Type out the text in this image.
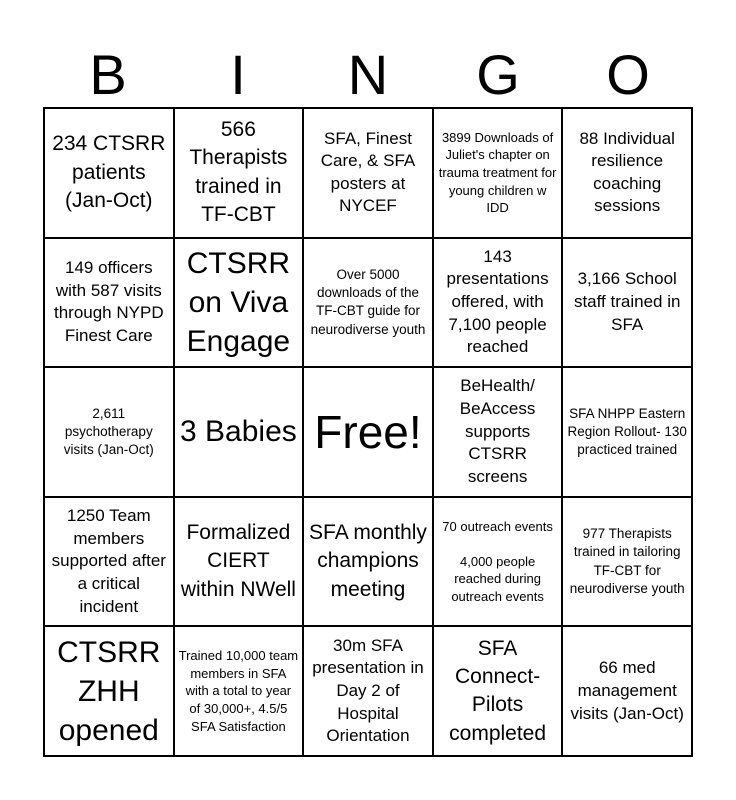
B	I	N	G	O
234 CTSRR patients (Jan-Oct)
566 Therapists trained in TF-CBT
SFA, Finest Care, & SFA posters at NYCEF
3899 Downloads of Juliet's chapter on trauma treatment for young children w IDD
88 Individual resilience coaching sessions
149 officers with 587 visits through NYPD Finest Care
CTSRR on Viva Engage
Over 5000 downloads of the TF-CBT guide for neurodiverse youth
143 presentations offered, with 7,100 people reached
3,166 School staff trained in SFA
2,611 psychotherapy visits (Jan-Oct)
3 Babies Free!
BeHealth/ BeAccess supports CTSRR screens
SFA NHPP Eastern Region Rollout- 130 practiced trained
1250 Team members supported after a critical incident
Formalized CIERT within NWell
SFA monthly champions meeting
70 outreach events

4,000 people reached during outreach events
977 Therapists trained in tailoring TF-CBT for neurodiverse youth
CTSRR ZHH opened
Trained 10,000 team members in SFA with a total to year of 30,000+, 4.5/5 SFA Satisfaction
30m SFA presentation in Day 2 of Hospital Orientation
SFA Connect- Pilots completed
66 med management visits (Jan-Oct)
